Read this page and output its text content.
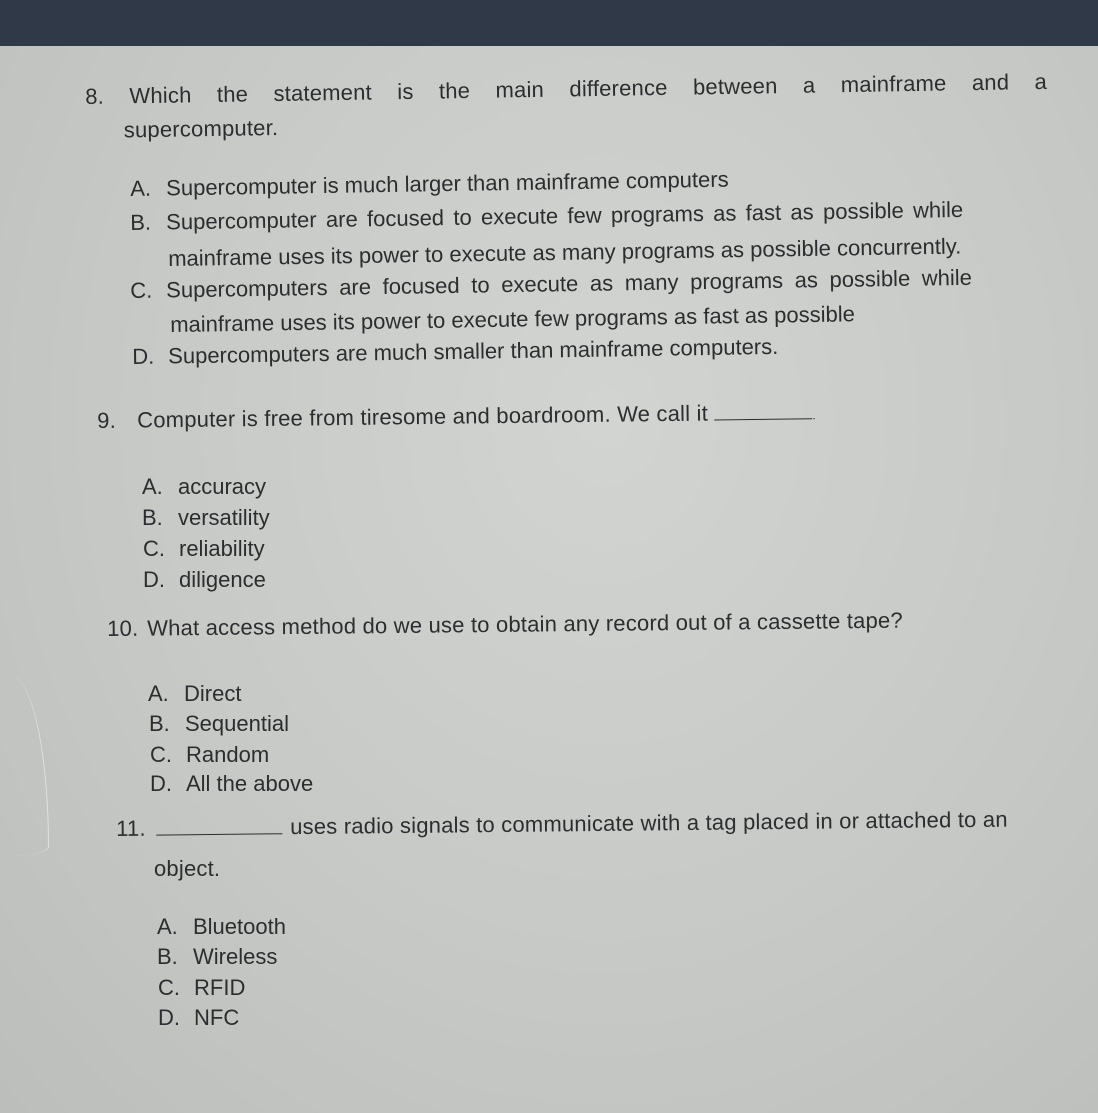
8. Which the statement is the main difference between a mainframe and a
supercomputer.
A. Supercomputer is much larger than mainframe computers
B. Supercomputer are focused to execute few programs as fast as possible while
mainframe uses its power to execute as many programs as possible concurrently.
C. Supercomputers are focused to execute as many programs as possible while
mainframe uses its power to execute few programs as fast as possible
D. Supercomputers are much smaller than mainframe computers.
9. Computer is free from tiresome and boardroom. We call it	.
A. accuracy
B. versatility
C. reliability
D. diligence
10. What access method do we use to obtain any record out of a cassette tape?
A. Direct
B. Sequential
C. Random
D. All the above
11.	uses radio signals to communicate with a tag placed in or attached to an
object.
A. Bluetooth
B. Wireless
C. RFID
D. NFC
